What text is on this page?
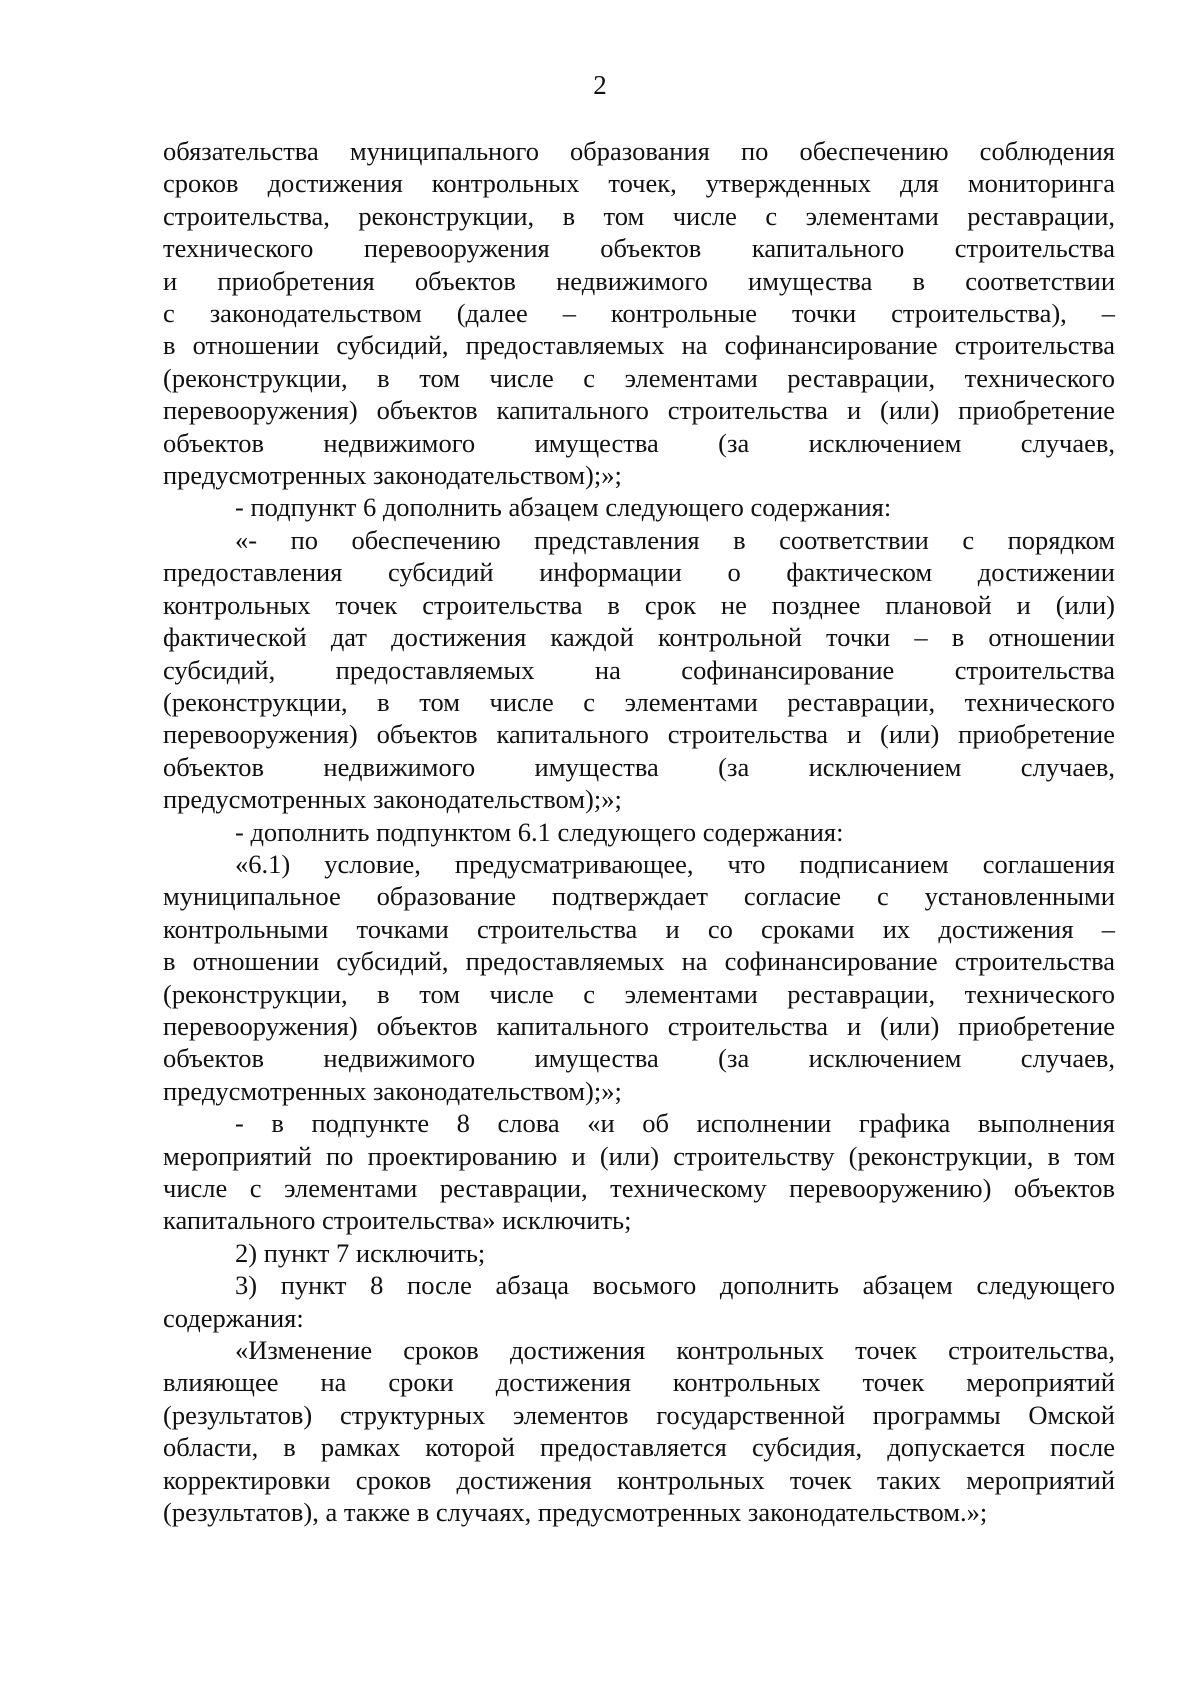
2

обязательства муниципального образования по обеспечению соблюдения
сроков достижения контрольных точек, утвержденных для мониторинга
строительства, реконструкции, в том числе с элементами реставрации,
технического перевооружения объектов капитального строительства
и приобретения объектов недвижимого имущества в соответствии
с законодательством (далее – контрольные точки строительства), –
в отношении субсидий, предоставляемых на софинансирование строительства
(реконструкции, в том числе с элементами реставрации, технического
перевооружения) объектов капитального строительства и (или) приобретение
объектов недвижимого имущества (за исключением случаев,
предусмотренных законодательством);»;

- подпункт 6 дополнить абзацем следующего содержания:

«- по обеспечению представления в соответствии с порядком
предоставления субсидий информации о фактическом достижении
контрольных точек строительства в срок не позднее плановой и (или)
фактической дат достижения каждой контрольной точки – в отношении
субсидий, предоставляемых на софинансирование строительства
(реконструкции, в том числе с элементами реставрации, технического
перевооружения) объектов капитального строительства и (или) приобретение
объектов недвижимого имущества (за исключением случаев,
предусмотренных законодательством);»;

- дополнить подпунктом 6.1 следующего содержания:

«6.1) условие, предусматривающее, что подписанием соглашения
муниципальное образование подтверждает согласие с установленными
контрольными точками строительства и со сроками их достижения –
в отношении субсидий, предоставляемых на софинансирование строительства
(реконструкции, в том числе с элементами реставрации, технического
перевооружения) объектов капитального строительства и (или) приобретение
объектов недвижимого имущества (за исключением случаев,
предусмотренных законодательством);»;

- в подпункте 8 слова «и об исполнении графика выполнения
мероприятий по проектированию и (или) строительству (реконструкции, в том
числе с элементами реставрации, техническому перевооружению) объектов
капитального строительства» исключить;

2) пункт 7 исключить;

3) пункт 8 после абзаца восьмого дополнить абзацем следующего
содержания:

«Изменение сроков достижения контрольных точек строительства,
влияющее на сроки достижения контрольных точек мероприятий
(результатов) структурных элементов государственной программы Омской
области, в рамках которой предоставляется субсидия, допускается после
корректировки сроков достижения контрольных точек таких мероприятий
(результатов), а также в случаях, предусмотренных законодательством.»;
